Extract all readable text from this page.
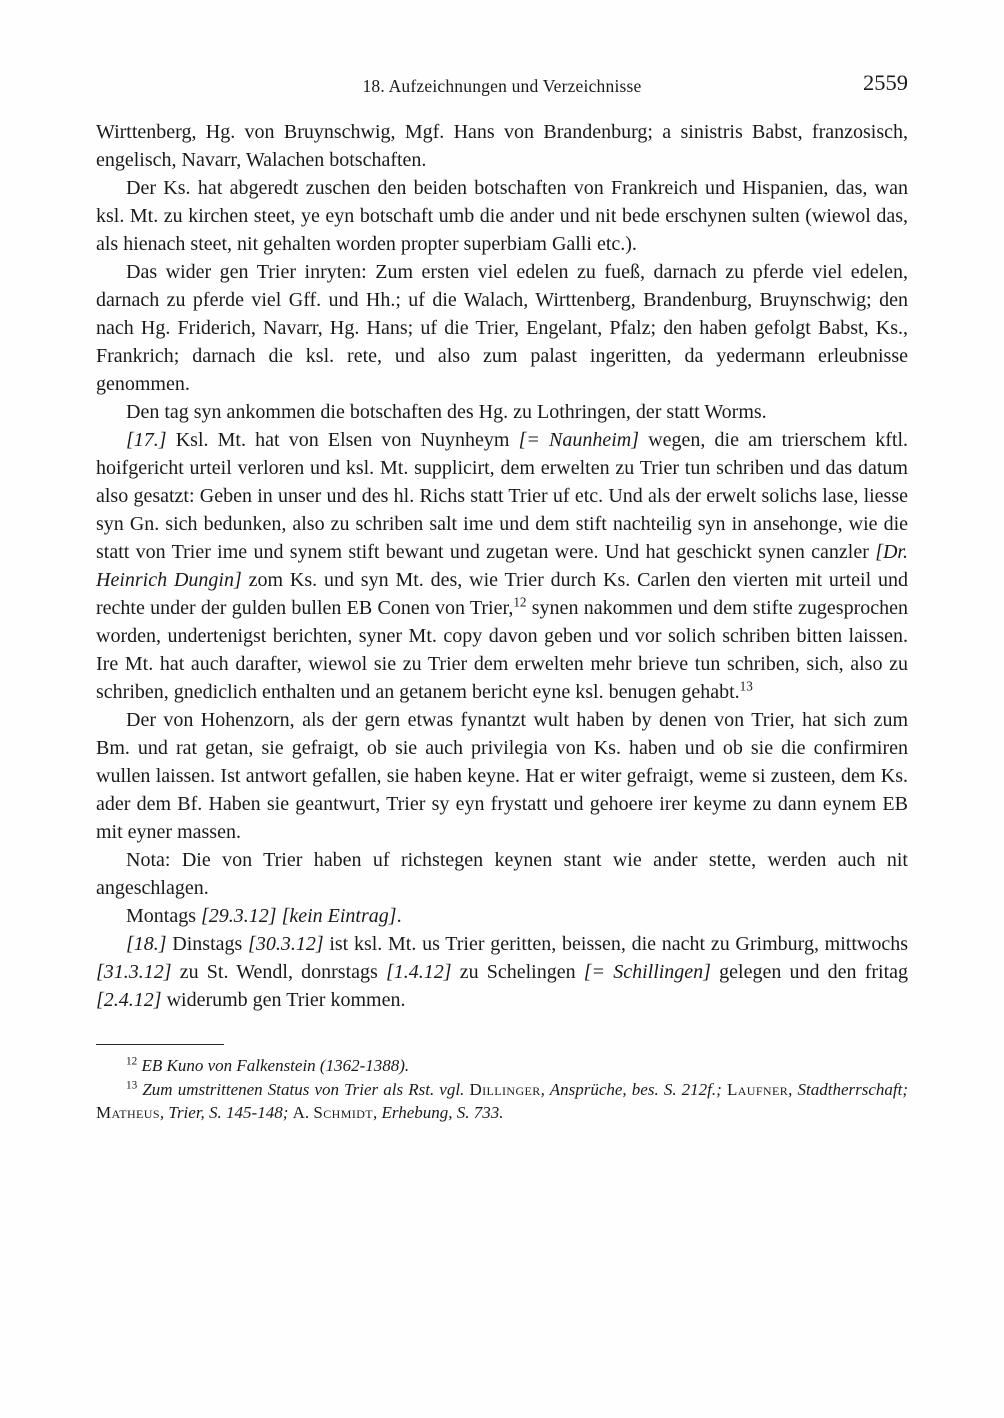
18. Aufzeichnungen und Verzeichnisse	2559

Wirttenberg, Hg. von Bruynschwig, Mgf. Hans von Brandenburg; a sinistris Babst, franzosisch, engelisch, Navarr, Walachen botschaften.

Der Ks. hat abgeredt zuschen den beiden botschaften von Frankreich und Hispanien, das, wan ksl. Mt. zu kirchen steet, ye eyn botschaft umb die ander und nit bede erschynen sulten (wiewol das, als hienach steet, nit gehalten worden propter superbiam Galli etc.).

Das wider gen Trier inryten: Zum ersten viel edelen zu fueß, darnach zu pferde viel edelen, darnach zu pferde viel Gff. und Hh.; uf die Walach, Wirttenberg, Brandenburg, Bruynschwig; den nach Hg. Friderich, Navarr, Hg. Hans; uf die Trier, Engelant, Pfalz; den haben gefolgt Babst, Ks., Frankrich; darnach die ksl. rete, und also zum palast ingeritten, da yedermann erleubnisse genommen.

Den tag syn ankommen die botschaften des Hg. zu Lothringen, der statt Worms.

[17.] Ksl. Mt. hat von Elsen von Nuynheym [= Naunheim] wegen, die am trierschem kftl. hoifgericht urteil verloren und ksl. Mt. supplicirt, dem erwelten zu Trier tun schriben und das datum also gesatzt: Geben in unser und des hl. Richs statt Trier uf etc. Und als der erwelt solichs lase, liesse syn Gn. sich bedunken, also zu schriben salt ime und dem stift nachteilig syn in ansehonge, wie die statt von Trier ime und synem stift bewant und zugetan were. Und hat geschickt synen canzler [Dr. Heinrich Dungin] zom Ks. und syn Mt. des, wie Trier durch Ks. Carlen den vierten mit urteil und rechte under der gulden bullen EB Conen von Trier,$^{12}$ synen nakommen und dem stifte zugesprochen worden, undertenigst berichten, syner Mt. copy davon geben und vor solich schriben bitten laissen. Ire Mt. hat auch darafter, wiewol sie zu Trier dem erwelten mehr brieve tun schriben, sich, also zu schriben, gnediclich enthalten und an getanem bericht eyne ksl. benugen gehabt.$^{13}$

Der von Hohenzorn, als der gern etwas fynantzt wult haben by denen von Trier, hat sich zum Bm. und rat getan, sie gefraigt, ob sie auch privilegia von Ks. haben und ob sie die confirmiren wullen laissen. Ist antwort gefallen, sie haben keyne. Hat er witer gefraigt, weme si zusteen, dem Ks. ader dem Bf. Haben sie geantwurt, Trier sy eyn frystatt und gehoere irer keyme zu dann eynem EB mit eyner massen.

Nota: Die von Trier haben uf richstegen keynen stant wie ander stette, werden auch nit angeschlagen.

Montags [29.3.12] [kein Eintrag].

[18.] Dinstags [30.3.12] ist ksl. Mt. us Trier geritten, beissen, die nacht zu Grimburg, mittwochs [31.3.12] zu St. Wendl, donrstags [1.4.12] zu Schelingen [= Schillingen] gelegen und den fritag [2.4.12] widerumb gen Trier kommen.

$^{12}$ EB Kuno von Falkenstein (1362-1388).

$^{13}$ Zum umstrittenen Status von Trier als Rst. vgl. Dillinger, Ansprüche, bes. S. 212f.; Laufner, Stadtherrschaft; Matheus, Trier, S. 145-148; A. Schmidt, Erhebung, S. 733.
